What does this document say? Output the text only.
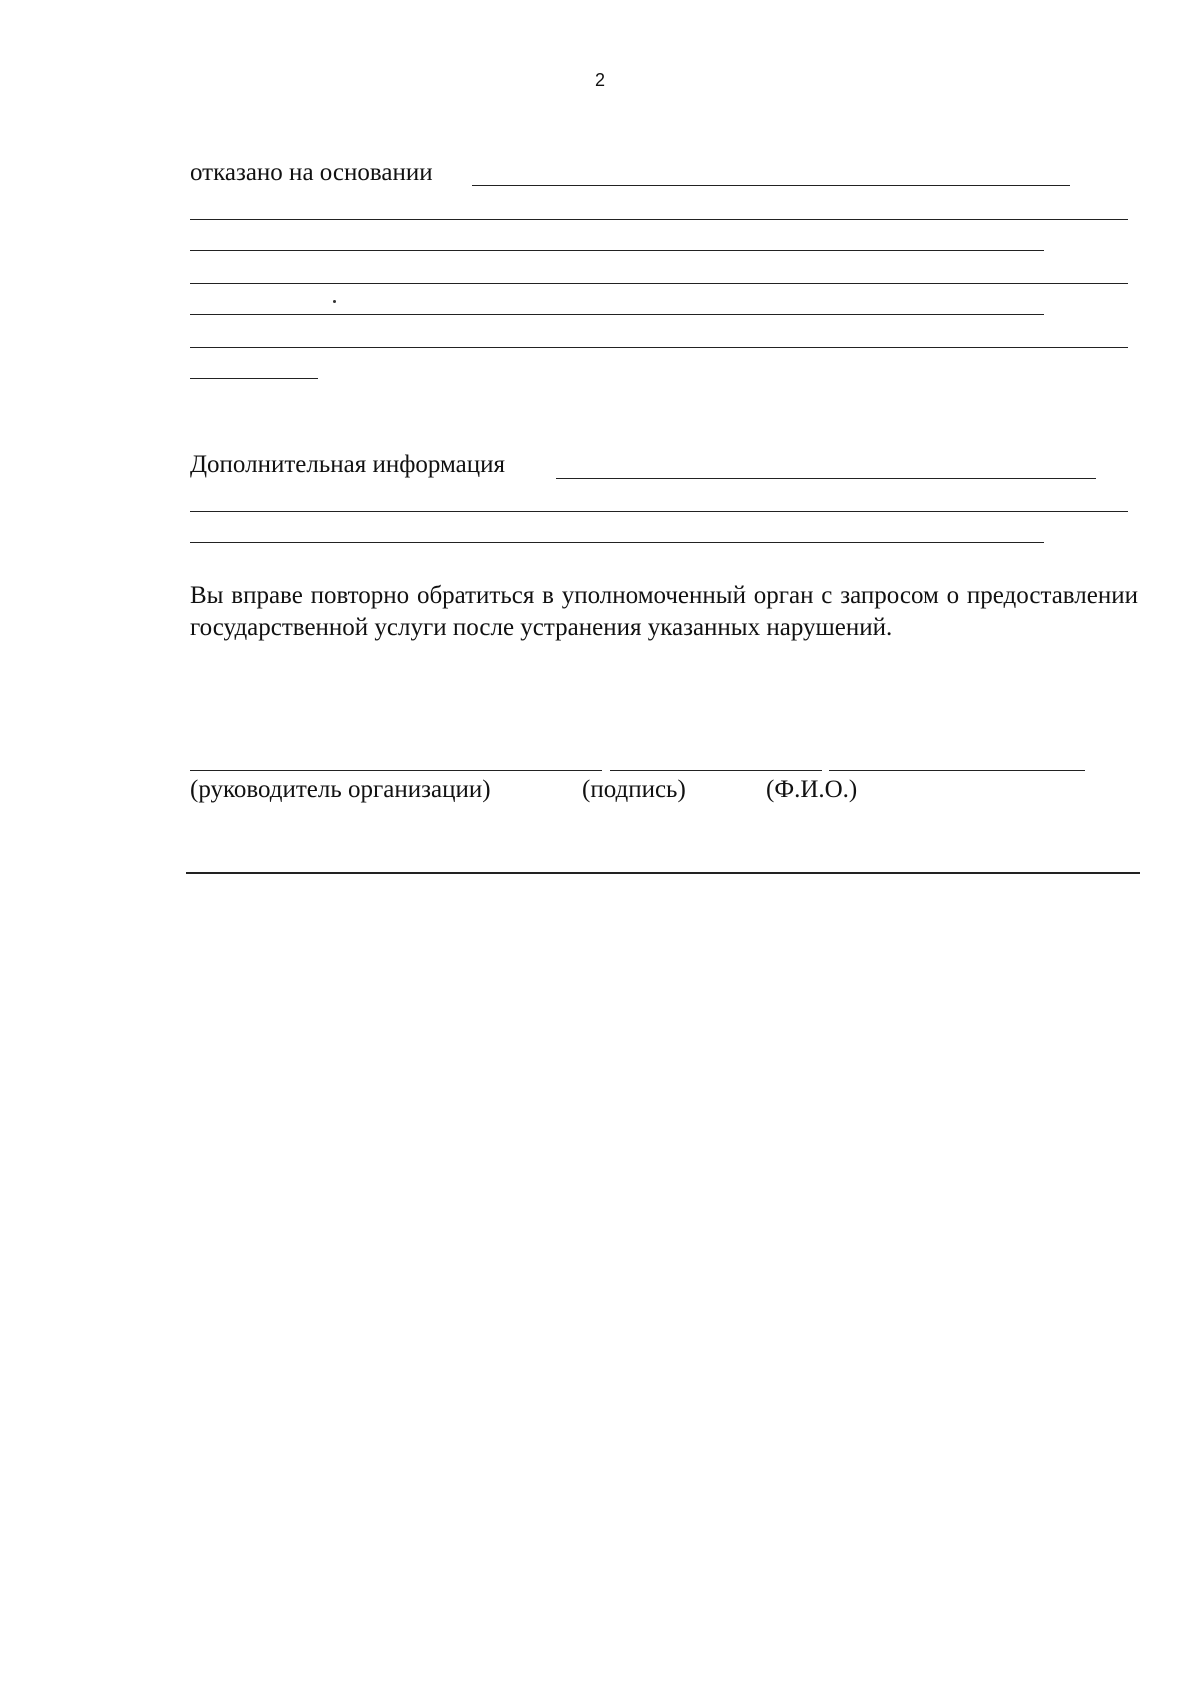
2
отказано на основании
Дополнительная информация
Вы вправе повторно обратиться в уполномоченный орган с запросом о предоставлении государственной услуги после устранения указанных нарушений.
(руководитель организации)	(подпись)	(Ф.И.О.)
